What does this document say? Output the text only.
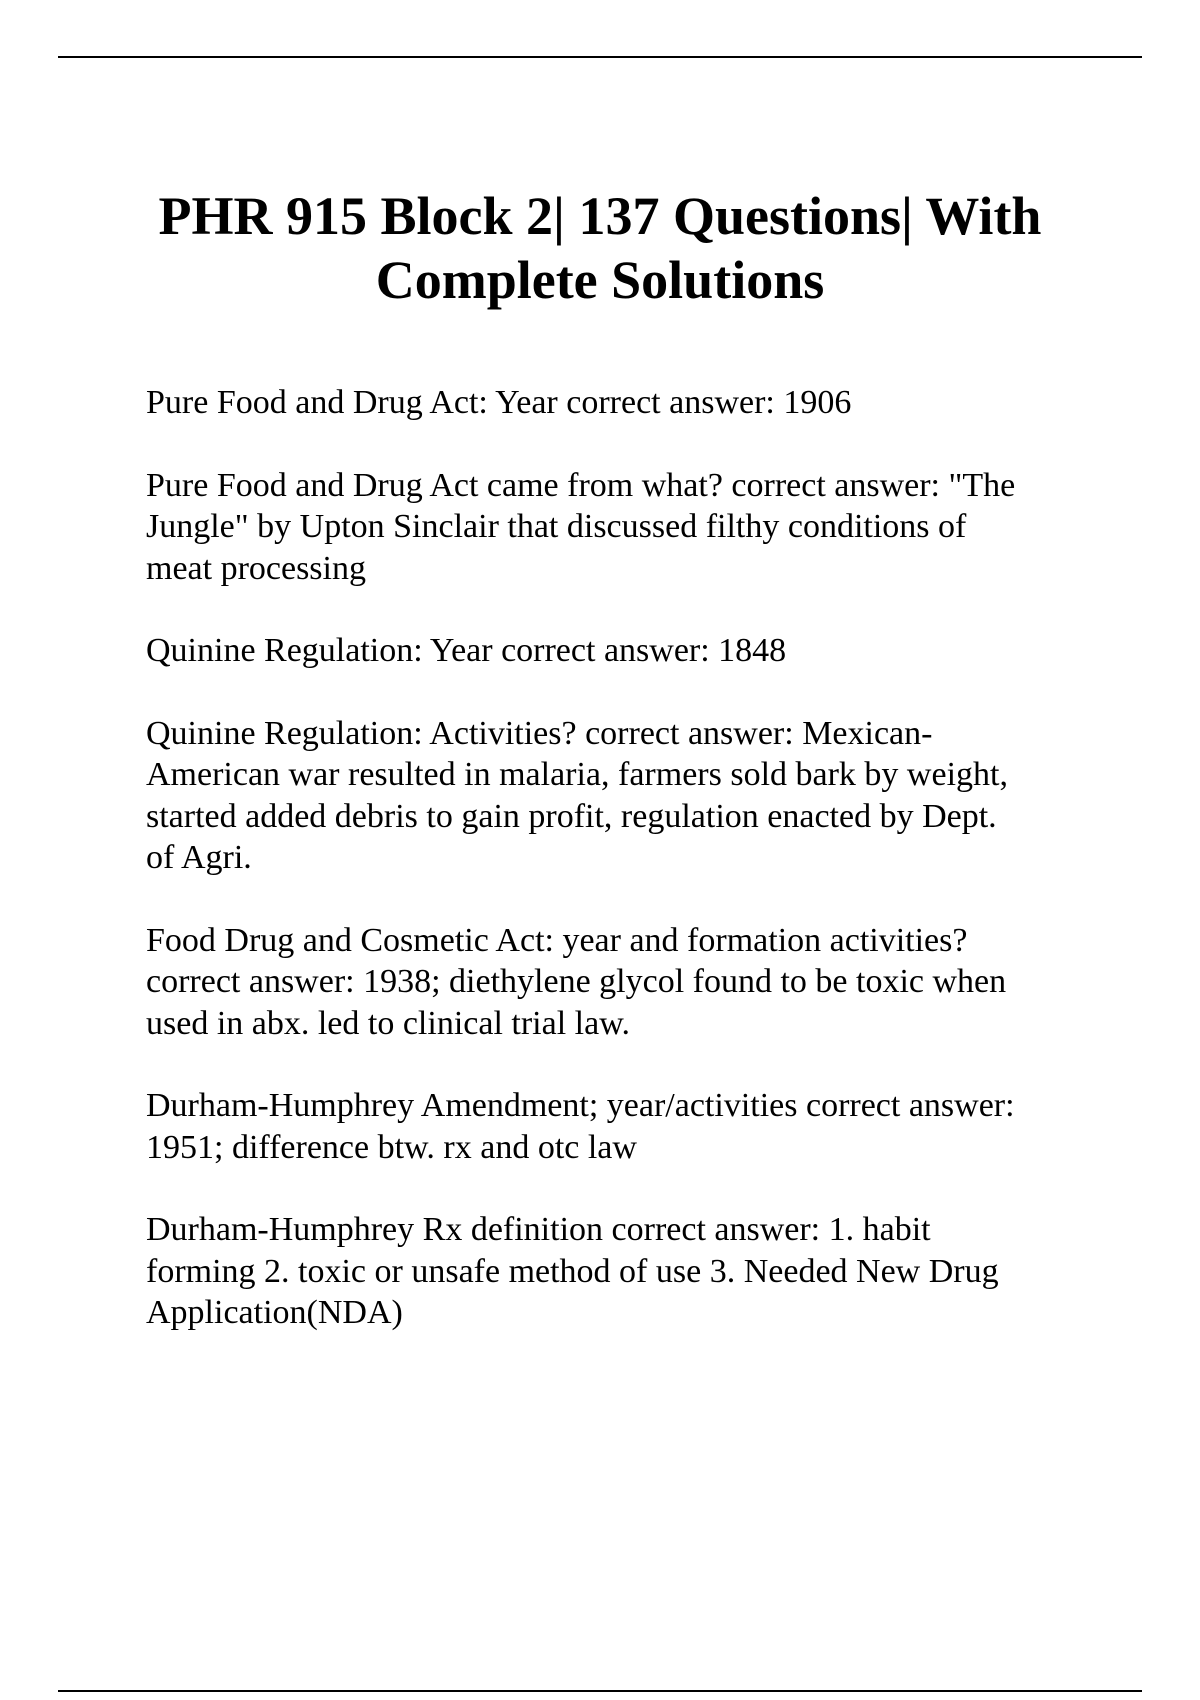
PHR 915 Block 2| 137 Questions| With
Complete Solutions
Pure Food and Drug Act: Year correct answer: 1906
Pure Food and Drug Act came from what? correct answer: "The
Jungle" by Upton Sinclair that discussed filthy conditions of
meat processing
Quinine Regulation: Year correct answer: 1848
Quinine Regulation: Activities? correct answer: Mexican-
American war resulted in malaria, farmers sold bark by weight,
started added debris to gain profit, regulation enacted by Dept.
of Agri.
Food Drug and Cosmetic Act: year and formation activities?
correct answer: 1938; diethylene glycol found to be toxic when
used in abx. led to clinical trial law.
Durham-Humphrey Amendment; year/activities correct answer:
1951; difference btw. rx and otc law
Durham-Humphrey Rx definition correct answer: 1. habit
forming 2. toxic or unsafe method of use 3. Needed New Drug
Application(NDA)
